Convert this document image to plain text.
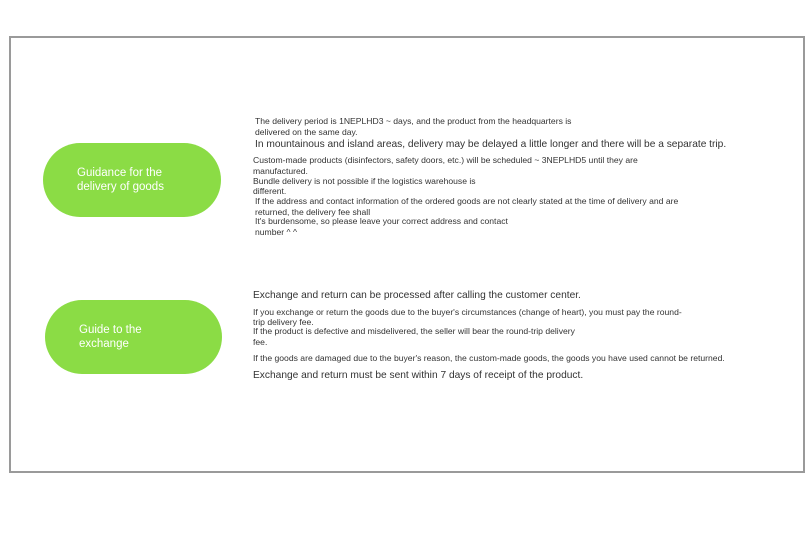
Guidance for the
delivery of goods
The delivery period is 1NEPLHD3 ~ days, and the product from the headquarters is
delivered on the same day.
In mountainous and island areas, delivery may be delayed a little longer and there will be a separate trip.
Custom-made products (disinfectors, safety doors, etc.) will be scheduled ~ 3NEPLHD5 until they are
manufactured.
Bundle delivery is not possible if the logistics warehouse is
different.
If the address and contact information of the ordered goods are not clearly stated at the time of delivery and are
returned, the delivery fee shall
It's burdensome, so please leave your correct address and contact
number ^ ^
Guide to the
exchange
Exchange and return can be processed after calling the customer center.
If you exchange or return the goods due to the buyer's circumstances (change of heart), you must pay the round-
trip delivery fee.
If the product is defective and misdelivered, the seller will bear the round-trip delivery
fee.
If the goods are damaged due to the buyer's reason, the custom-made goods, the goods you have used cannot be returned.
Exchange and return must be sent within 7 days of receipt of the product.
